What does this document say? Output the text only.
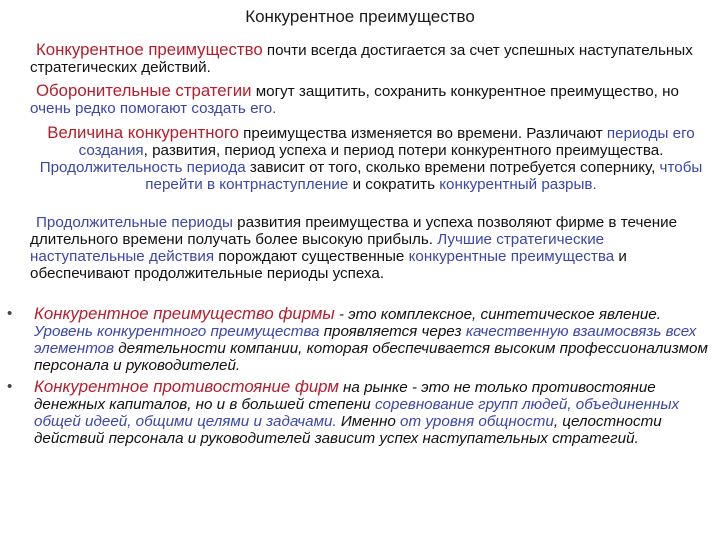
Конкурентное преимущество
Конкурентное преимущество почти всегда достигается за счет успешных наступательных стратегических действий.
Оборонительные стратегии могут защитить, сохранить конкурентное преимущество, но очень редко помогают создать его.
Величина конкурентного преимущества изменяется во времени. Различают периоды его создания, развития, период успеха и период потери конкурентного преимущества. Продолжительность периода зависит от того, сколько времени потребуется сопернику, чтобы перейти в контрнаступление и сократить конкурентный разрыв.
Продолжительные периоды развития преимущества и успеха позволяют фирме в течение длительного времени получать более высокую прибыль. Лучшие стратегические наступательные действия порождают существенные конкурентные преимущества и обеспечивают продолжительные периоды успеха.
• Конкурентное преимущество фирмы - это комплексное, синтетическое явление. Уровень конкурентного преимущества проявляется через качественную взаимосвязь всех элементов деятельности компании, которая обеспечивается высоким профессионализмом персонала и руководителей.
• Конкурентное противостояние фирм на рынке - это не только противостояние денежных капиталов, но и в большей степени соревнование групп людей, объединенных общей идеей, общими целями и задачами. Именно от уровня общности, целостности действий персонала и руководителей зависит успех наступательных стратегий.
